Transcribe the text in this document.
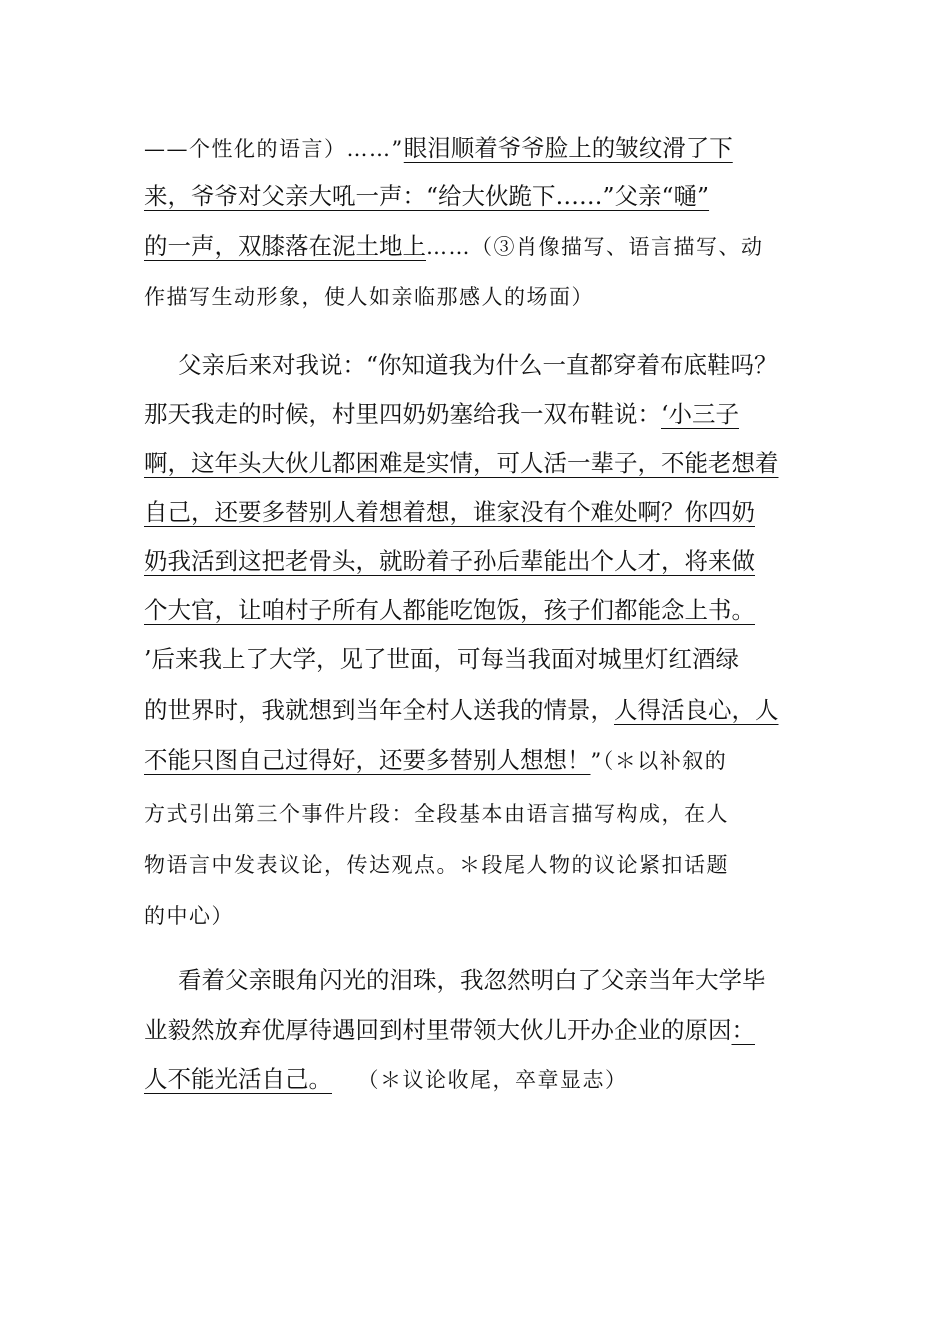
——个性化的语言）……”眼泪顺着爷爷脸上的皱纹滑了下
来，爷爷对父亲大吼一声：“给大伙跪下……”父亲“嗵”
的一声，双膝落在泥土地上……（③肖像描写、语言描写、动
作描写生动形象，使人如亲临那感人的场面）
父亲后来对我说：“你知道我为什么一直都穿着布底鞋吗？
那天我走的时候，村里四奶奶塞给我一双布鞋说：‘小三子
啊，这年头大伙儿都困难是实情，可人活一辈子，不能老想着
自己，还要多替别人着想着想，谁家没有个难处啊？你四奶
奶我活到这把老骨头，就盼着子孙后辈能出个人才，将来做
个大官，让咱村子所有人都能吃饱饭，孩子们都能念上书。
’后来我上了大学，见了世面，可每当我面对城里灯红酒绿
的世界时，我就想到当年全村人送我的情景，人得活良心，人
不能只图自己过得好，还要多替别人想想！”（＊以补叙的
方式引出第三个事件片段：全段基本由语言描写构成，在人
物语言中发表议论，传达观点。＊段尾人物的议论紧扣话题
的中心）
看着父亲眼角闪光的泪珠，我忽然明白了父亲当年大学毕
业毅然放弃优厚待遇回到村里带领大伙儿开办企业的原因：
人不能光活自己。 （＊议论收尾，卒章显志）
